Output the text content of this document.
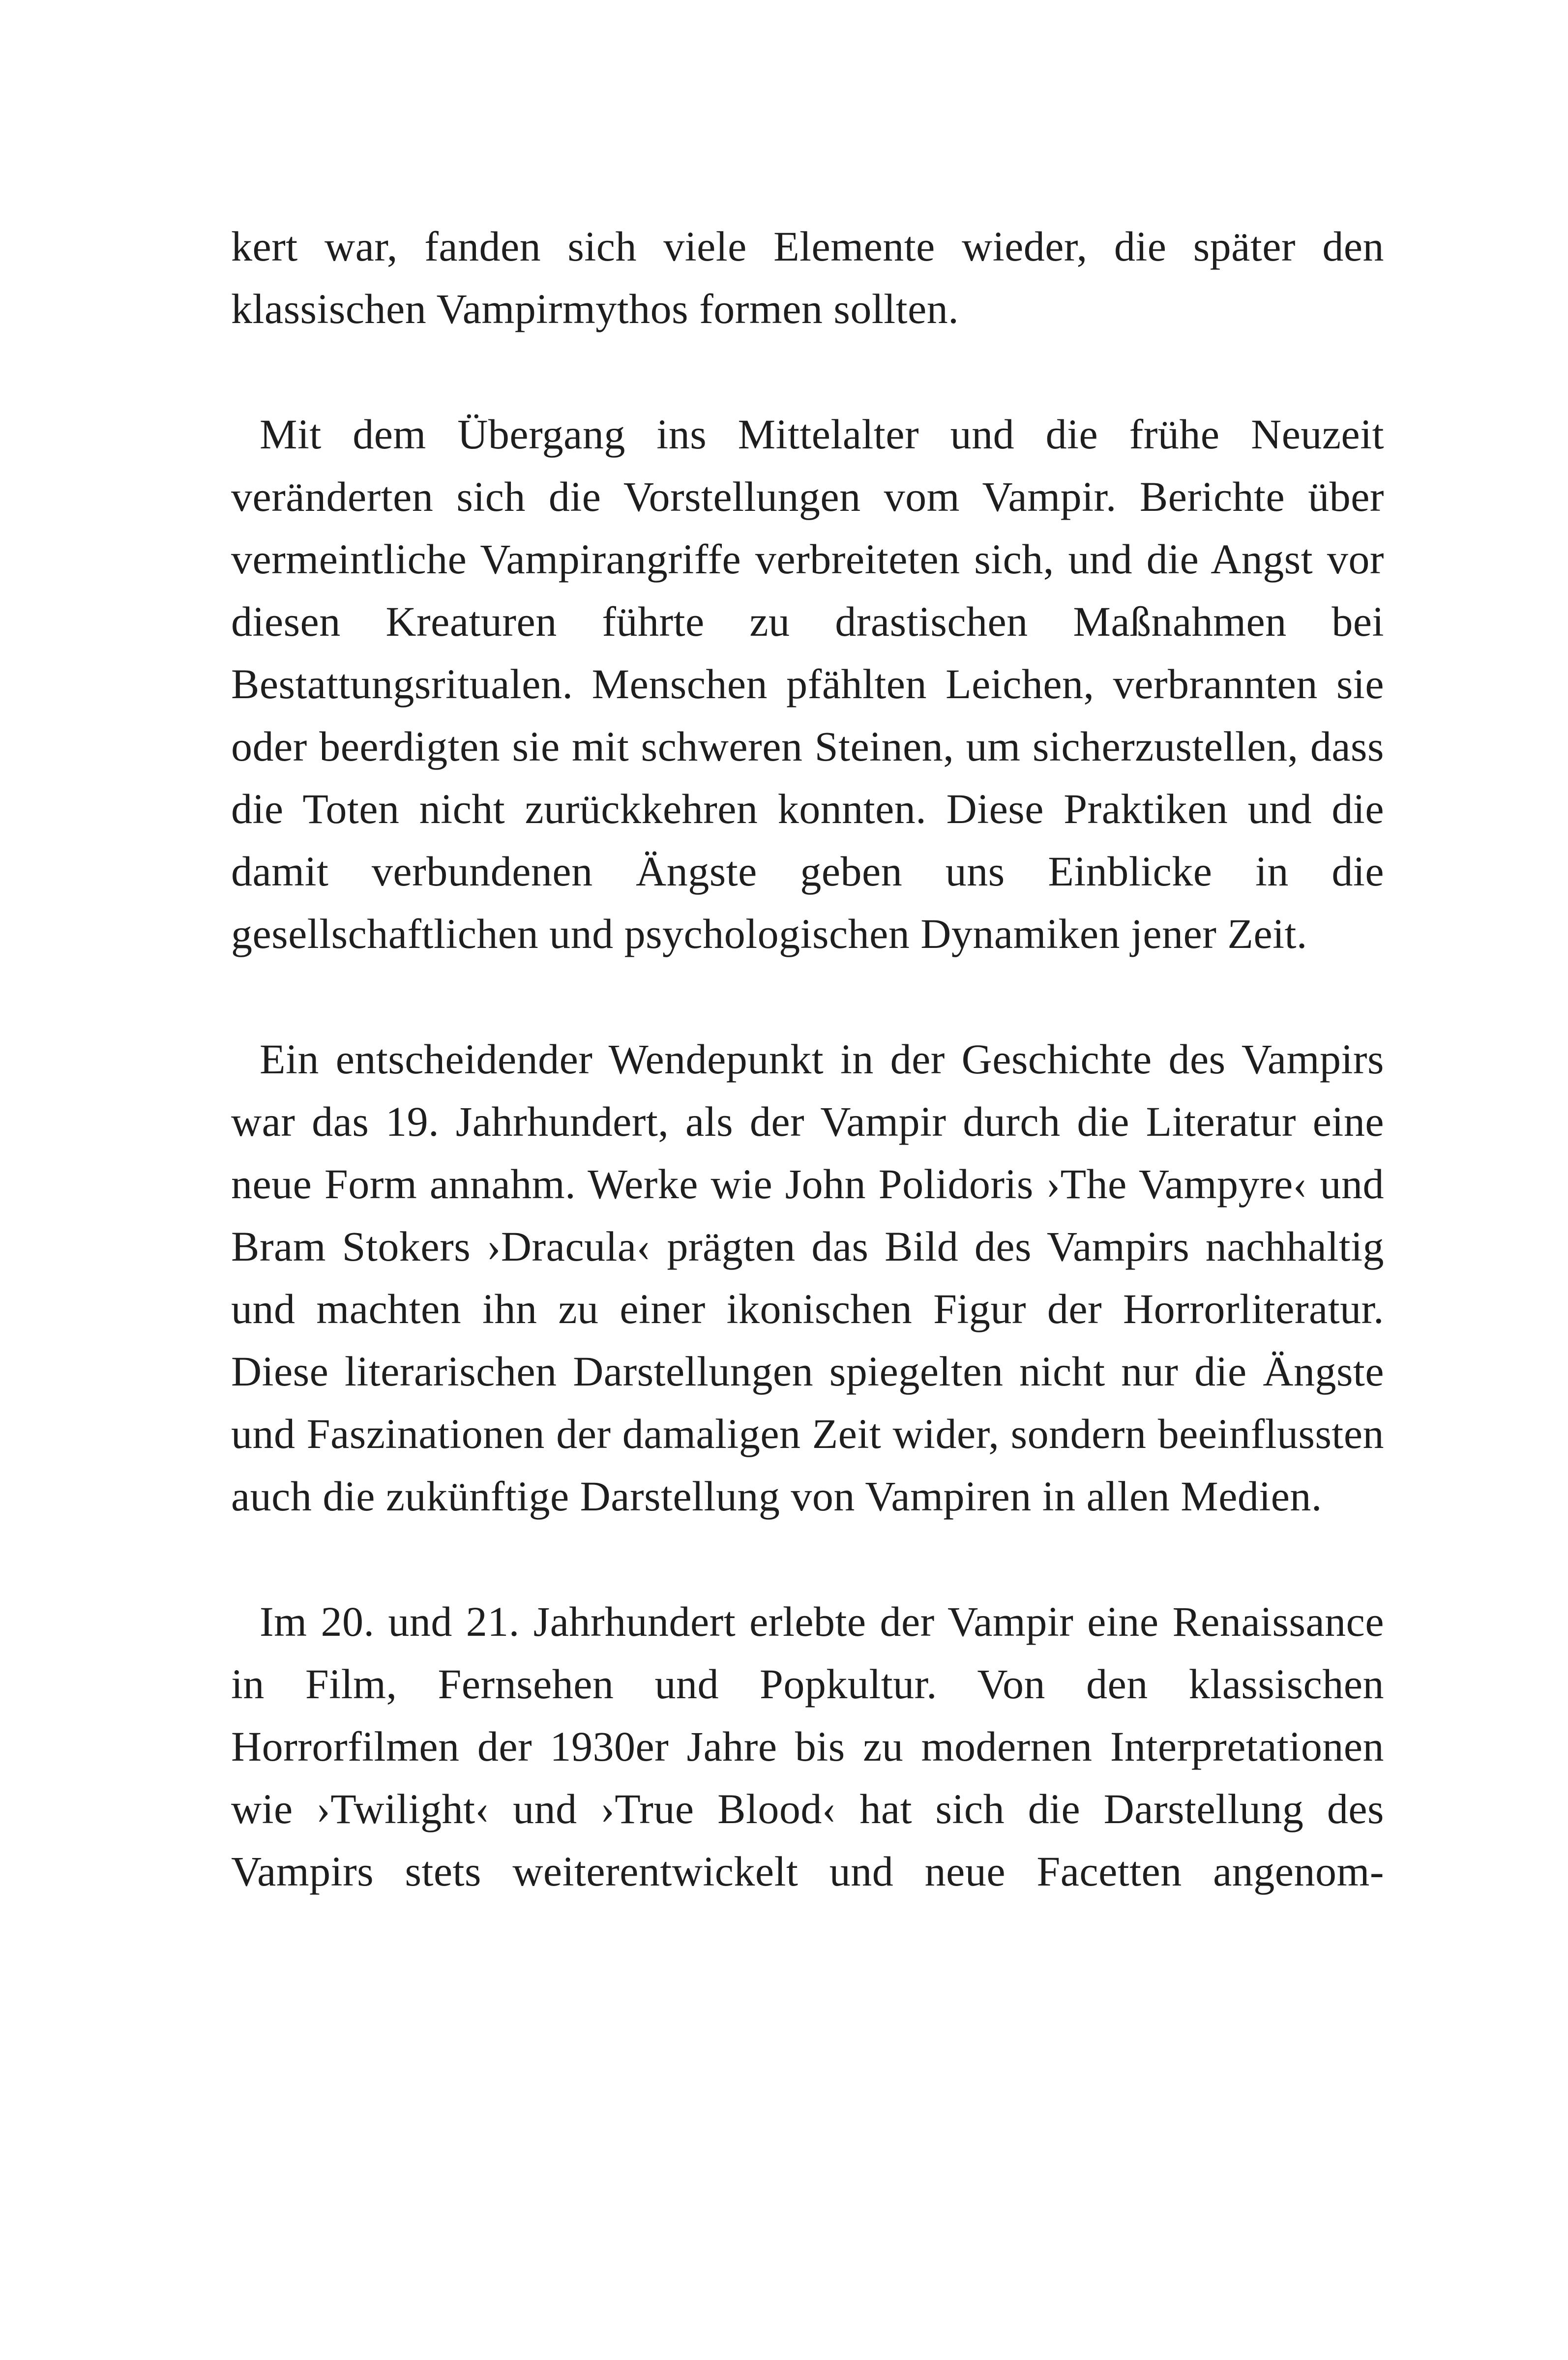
kert war, fanden sich viele Elemente wieder, die später den klassischen Vampirmythos formen sollten.

Mit dem Übergang ins Mittelalter und die frühe Neuzeit veränderten sich die Vorstellungen vom Vampir. Berichte über vermeintliche Vampirangriffe verbreiteten sich, und die Angst vor diesen Kreaturen führte zu drastischen Maßnahmen bei Bestattungsritualen. Menschen pfählten Leichen, verbrannten sie oder beerdigten sie mit schweren Steinen, um sicherzustellen, dass die Toten nicht zurückkehren konnten. Diese Praktiken und die damit verbundenen Ängste geben uns Einblicke in die gesellschaftlichen und psychologischen Dynamiken jener Zeit.

Ein entscheidender Wendepunkt in der Geschichte des Vampirs war das 19. Jahrhundert, als der Vampir durch die Literatur eine neue Form annahm. Werke wie John Polidoris ›The Vampyre‹ und Bram Stokers ›Dracula‹ prägten das Bild des Vampirs nachhaltig und machten ihn zu einer ikonischen Figur der Horrorliteratur. Diese literarischen Darstellungen spiegelten nicht nur die Ängste und Faszinationen der damaligen Zeit wider, sondern beeinflussten auch die zukünftige Darstellung von Vampiren in allen Medien.

Im 20. und 21. Jahrhundert erlebte der Vampir eine Renaissance in Film, Fernsehen und Popkultur. Von den klassischen Horrorfilmen der 1930er Jahre bis zu modernen Interpretationen wie ›Twilight‹ und ›True Blood‹ hat sich die Darstellung des Vampirs stets weiterentwickelt und neue Facetten angenom-
